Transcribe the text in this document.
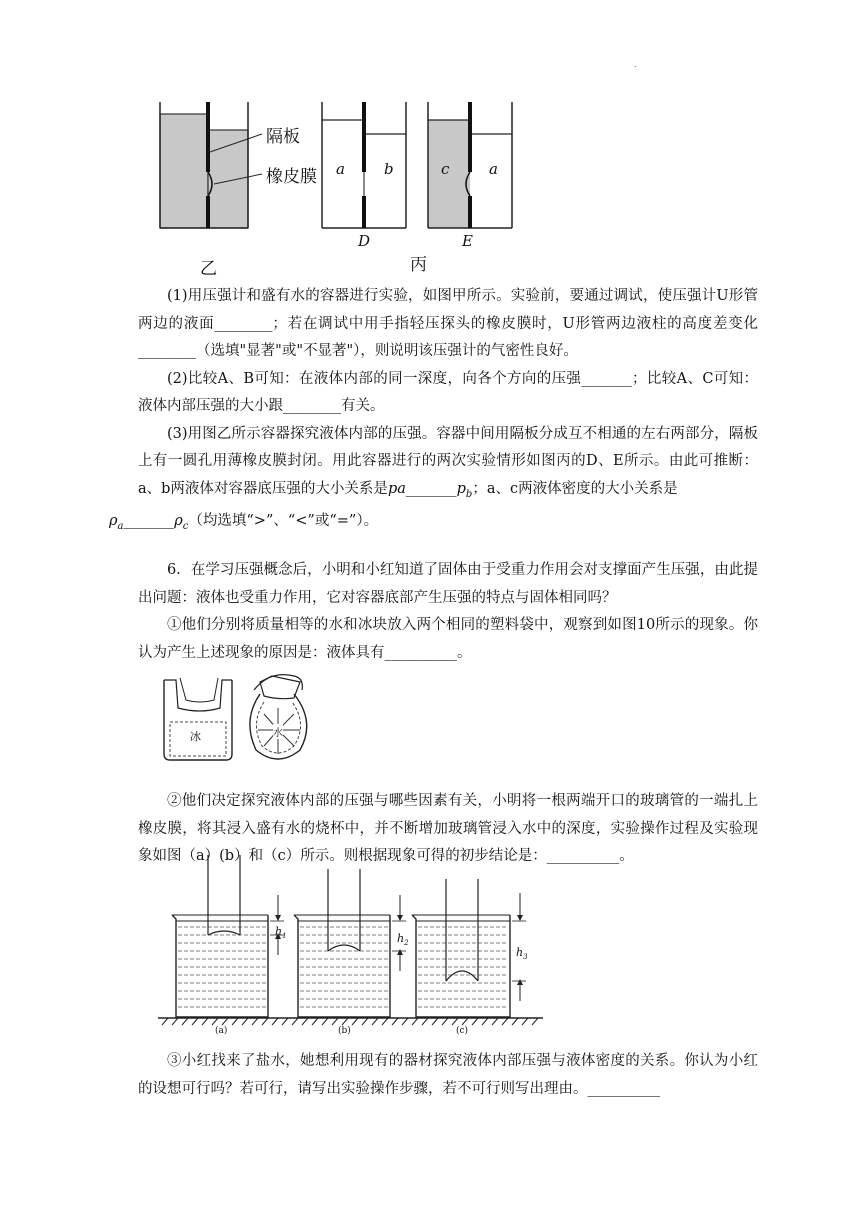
.
隔板
橡皮膜
乙
a	b
D
c	a
E
丙

(1)用压强计和盛有水的容器进行实验，如图甲所示。实验前，要通过调试，使压强计U形管两边的液面________；若在调试中用手指轻压探头的橡皮膜时，U形管两边液柱的高度差变化________（选填"显著"或"不显著"），则说明该压强计的气密性良好。

(2)比较A、B可知：在液体内部的同一深度，向各个方向的压强_______；比较A、C可知：液体内部压强的大小跟________有关。

(3)用图乙所示容器探究液体内部的压强。容器中间用隔板分成互不相通的左右两部分，隔板上有一圆孔用薄橡皮膜封闭。用此容器进行的两次实验情形如图丙的D、E所示。由此可推断：a、b两液体对容器底压强的大小关系是$pa\_\_\_\_\_\_\_p_b$；a、c两液体密度的大小关系是
$\rho_a\_\_\_\_\_\_\_\rho_c$（均选填“>”、“<”或“=”）。

6．在学习压强概念后，小明和小红知道了固体由于受重力作用会对支撑面产生压强，由此提出问题：液体也受重力作用，它对容器底部产生压强的特点与固体相同吗？

①他们分别将质量相等的水和冰块放入两个相同的塑料袋中，观察到如图10所示的现象。你认为产生上述现象的原因是：液体具有__________。

冰	水

②他们决定探究液体内部的压强与哪些因素有关，小明将一根两端开口的玻璃管的一端扎上橡皮膜，将其浸入盛有水的烧杯中，并不断增加玻璃管浸入水中的深度，实验操作过程及实验现象如图（a）(b）和（c）所示。则根据现象可得的初步结论是：__________。

$h_1$	$h_2$
$h_3$
(a)	(b)	(c)

③小红找来了盐水，她想利用现有的器材探究液体内部压强与液体密度的关系。你认为小红的设想可行吗？若可行，请写出实验操作步骤，若不可行则写出理由。__________
